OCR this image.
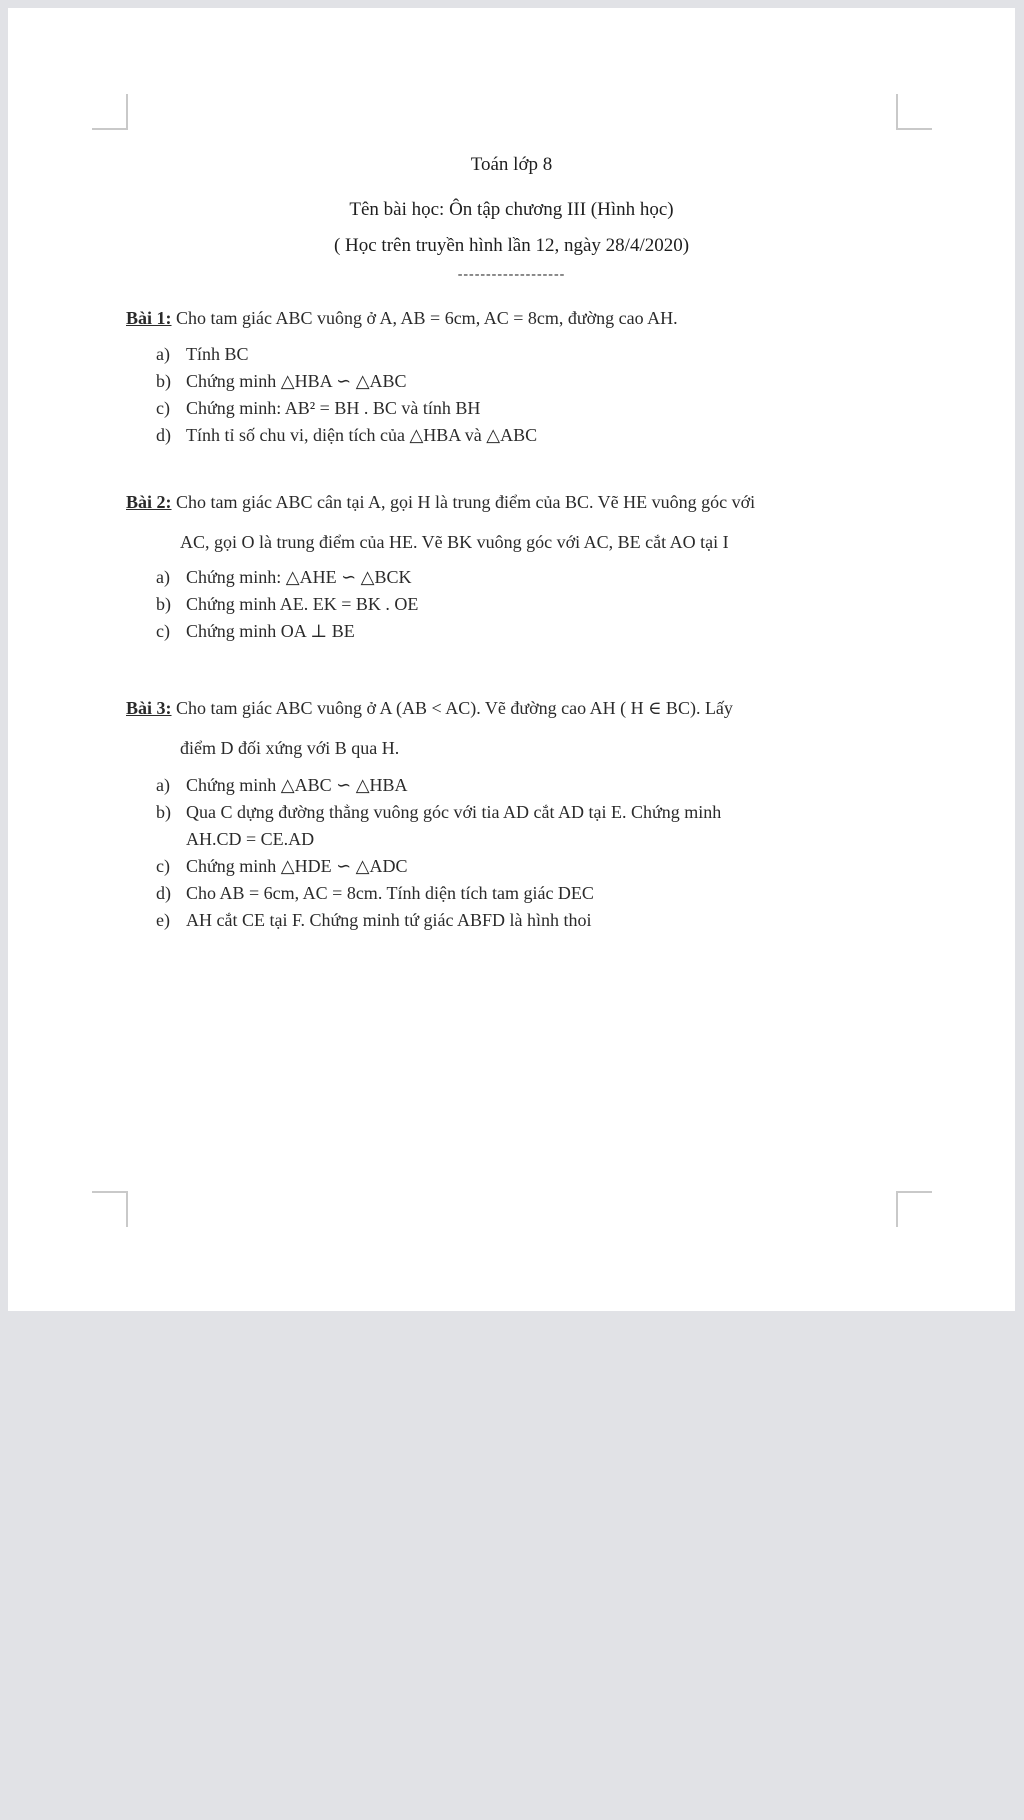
Toán lớp 8
Tên bài học: Ôn tập chương III (Hình học)
( Học trên truyền hình lần 12, ngày 28/4/2020)
-------------------
Bài 1: Cho tam giác ABC vuông ở A, AB = 6cm, AC = 8cm, đường cao AH.
a) Tính BC
b) Chứng minh △HBA ∽ △ABC
c) Chứng minh: AB² = BH . BC và tính BH
d) Tính tỉ số chu vi, diện tích của △HBA và △ABC
Bài 2: Cho tam giác ABC cân tại A, gọi H là trung điểm của BC. Vẽ HE vuông góc với
AC, gọi O là trung điểm của HE. Vẽ BK vuông góc với AC, BE cắt AO tại I
a) Chứng minh: △AHE ∽ △BCK
b) Chứng minh AE. EK = BK . OE
c) Chứng minh OA ⊥ BE
Bài 3: Cho tam giác ABC vuông ở A (AB < AC). Vẽ đường cao AH ( H ∈ BC). Lấy
điểm D đối xứng với B qua H.
a) Chứng minh △ABC ∽ △HBA
b) Qua C dựng đường thẳng vuông góc với tia AD cắt AD tại E. Chứng minh
AH.CD = CE.AD
c) Chứng minh △HDE ∽ △ADC
d) Cho AB = 6cm, AC = 8cm. Tính diện tích tam giác DEC
e) AH cắt CE tại F. Chứng minh tứ giác ABFD là hình thoi
